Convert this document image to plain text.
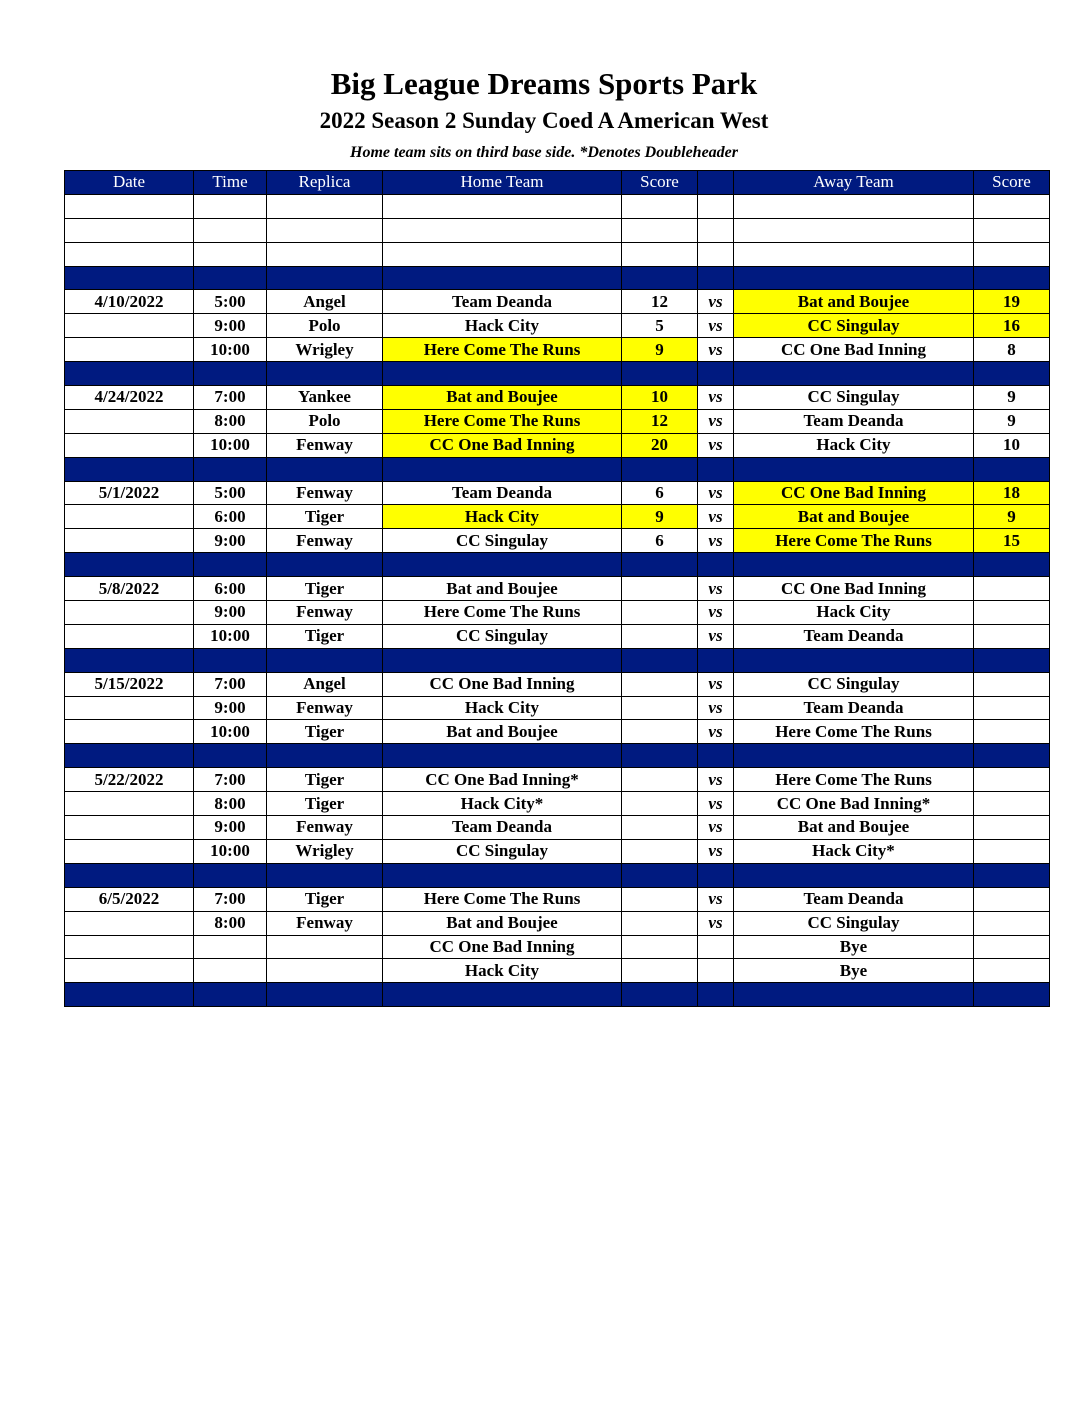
Big League Dreams Sports Park
2022 Season 2 Sunday Coed A American West
Home team sits on third base side. *Denotes Doubleheader
Date	Time	Replica	Home Team	Score		Away Team	Score

4/10/2022	5:00	Angel	Team Deanda	12	vs	Bat and Boujee	19
	9:00	Polo	Hack City	5	vs	CC Singulay	16
	10:00	Wrigley	Here Come The Runs	9	vs	CC One Bad Inning	8

4/24/2022	7:00	Yankee	Bat and Boujee	10	vs	CC Singulay	9
	8:00	Polo	Here Come The Runs	12	vs	Team Deanda	9
	10:00	Fenway	CC One Bad Inning	20	vs	Hack City	10

5/1/2022	5:00	Fenway	Team Deanda	6	vs	CC One Bad Inning	18
	6:00	Tiger	Hack City	9	vs	Bat and Boujee	9
	9:00	Fenway	CC Singulay	6	vs	Here Come The Runs	15

5/8/2022	6:00	Tiger	Bat and Boujee		vs	CC One Bad Inning	
	9:00	Fenway	Here Come The Runs		vs	Hack City	
	10:00	Tiger	CC Singulay		vs	Team Deanda	

5/15/2022	7:00	Angel	CC One Bad Inning		vs	CC Singulay	
	9:00	Fenway	Hack City		vs	Team Deanda	
	10:00	Tiger	Bat and Boujee		vs	Here Come The Runs	

5/22/2022	7:00	Tiger	CC One Bad Inning*		vs	Here Come The Runs	
	8:00	Tiger	Hack City*		vs	CC One Bad Inning*	
	9:00	Fenway	Team Deanda		vs	Bat and Boujee	
	10:00	Wrigley	CC Singulay		vs	Hack City*	

6/5/2022	7:00	Tiger	Here Come The Runs		vs	Team Deanda	
	8:00	Fenway	Bat and Boujee		vs	CC Singulay	
			CC One Bad Inning			Bye	
			Hack City			Bye	
